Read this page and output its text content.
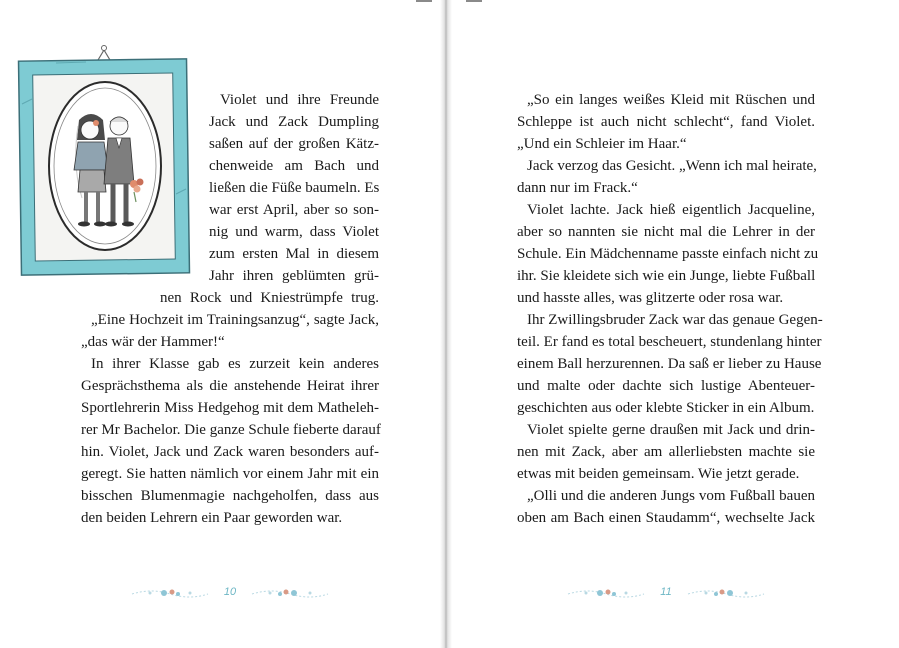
Violet und ihre Freunde
Jack und Zack Dumpling
saßen auf der großen Kätz-
chenweide am Bach und
ließen die Füße baumeln. Es
war erst April, aber so son-
nig und warm, dass Violet
zum ersten Mal in diesem
Jahr ihren geblümten grü-
nen Rock und Kniestrümpfe trug.
„Eine Hochzeit im Trainingsanzug“, sagte Jack,
„das wär der Hammer!“
In ihrer Klasse gab es zurzeit kein anderes
Gesprächsthema als die anstehende Heirat ihrer
Sportlehrerin Miss Hedgehog mit dem Matheleh-
rer Mr Bachelor. Die ganze Schule fieberte darauf
hin. Violet, Jack und Zack waren besonders auf-
geregt. Sie hatten nämlich vor einem Jahr mit ein
bisschen Blumenmagie nachgeholfen, dass aus
den beiden Lehrern ein Paar geworden war.
„So ein langes weißes Kleid mit Rüschen und
Schleppe ist auch nicht schlecht“, fand Violet.
„Und ein Schleier im Haar.“
Jack verzog das Gesicht. „Wenn ich mal heirate,
dann nur im Frack.“
Violet lachte. Jack hieß eigentlich Jacqueline,
aber so nannten sie nicht mal die Lehrer in der
Schule. Ein Mädchenname passte einfach nicht zu
ihr. Sie kleidete sich wie ein Junge, liebte Fußball
und hasste alles, was glitzerte oder rosa war.
Ihr Zwillingsbruder Zack war das genaue Gegen-
teil. Er fand es total bescheuert, stundenlang hinter
einem Ball herzurennen. Da saß er lieber zu Hause
und malte oder dachte sich lustige Abenteuer-
geschichten aus oder klebte Sticker in ein Album.
Violet spielte gerne draußen mit Jack und drin-
nen mit Zack, aber am allerliebsten machte sie
etwas mit beiden gemeinsam. Wie jetzt gerade.
„Olli und die anderen Jungs vom Fußball bauen
oben am Bach einen Staudamm“, wechselte Jack
10	11
